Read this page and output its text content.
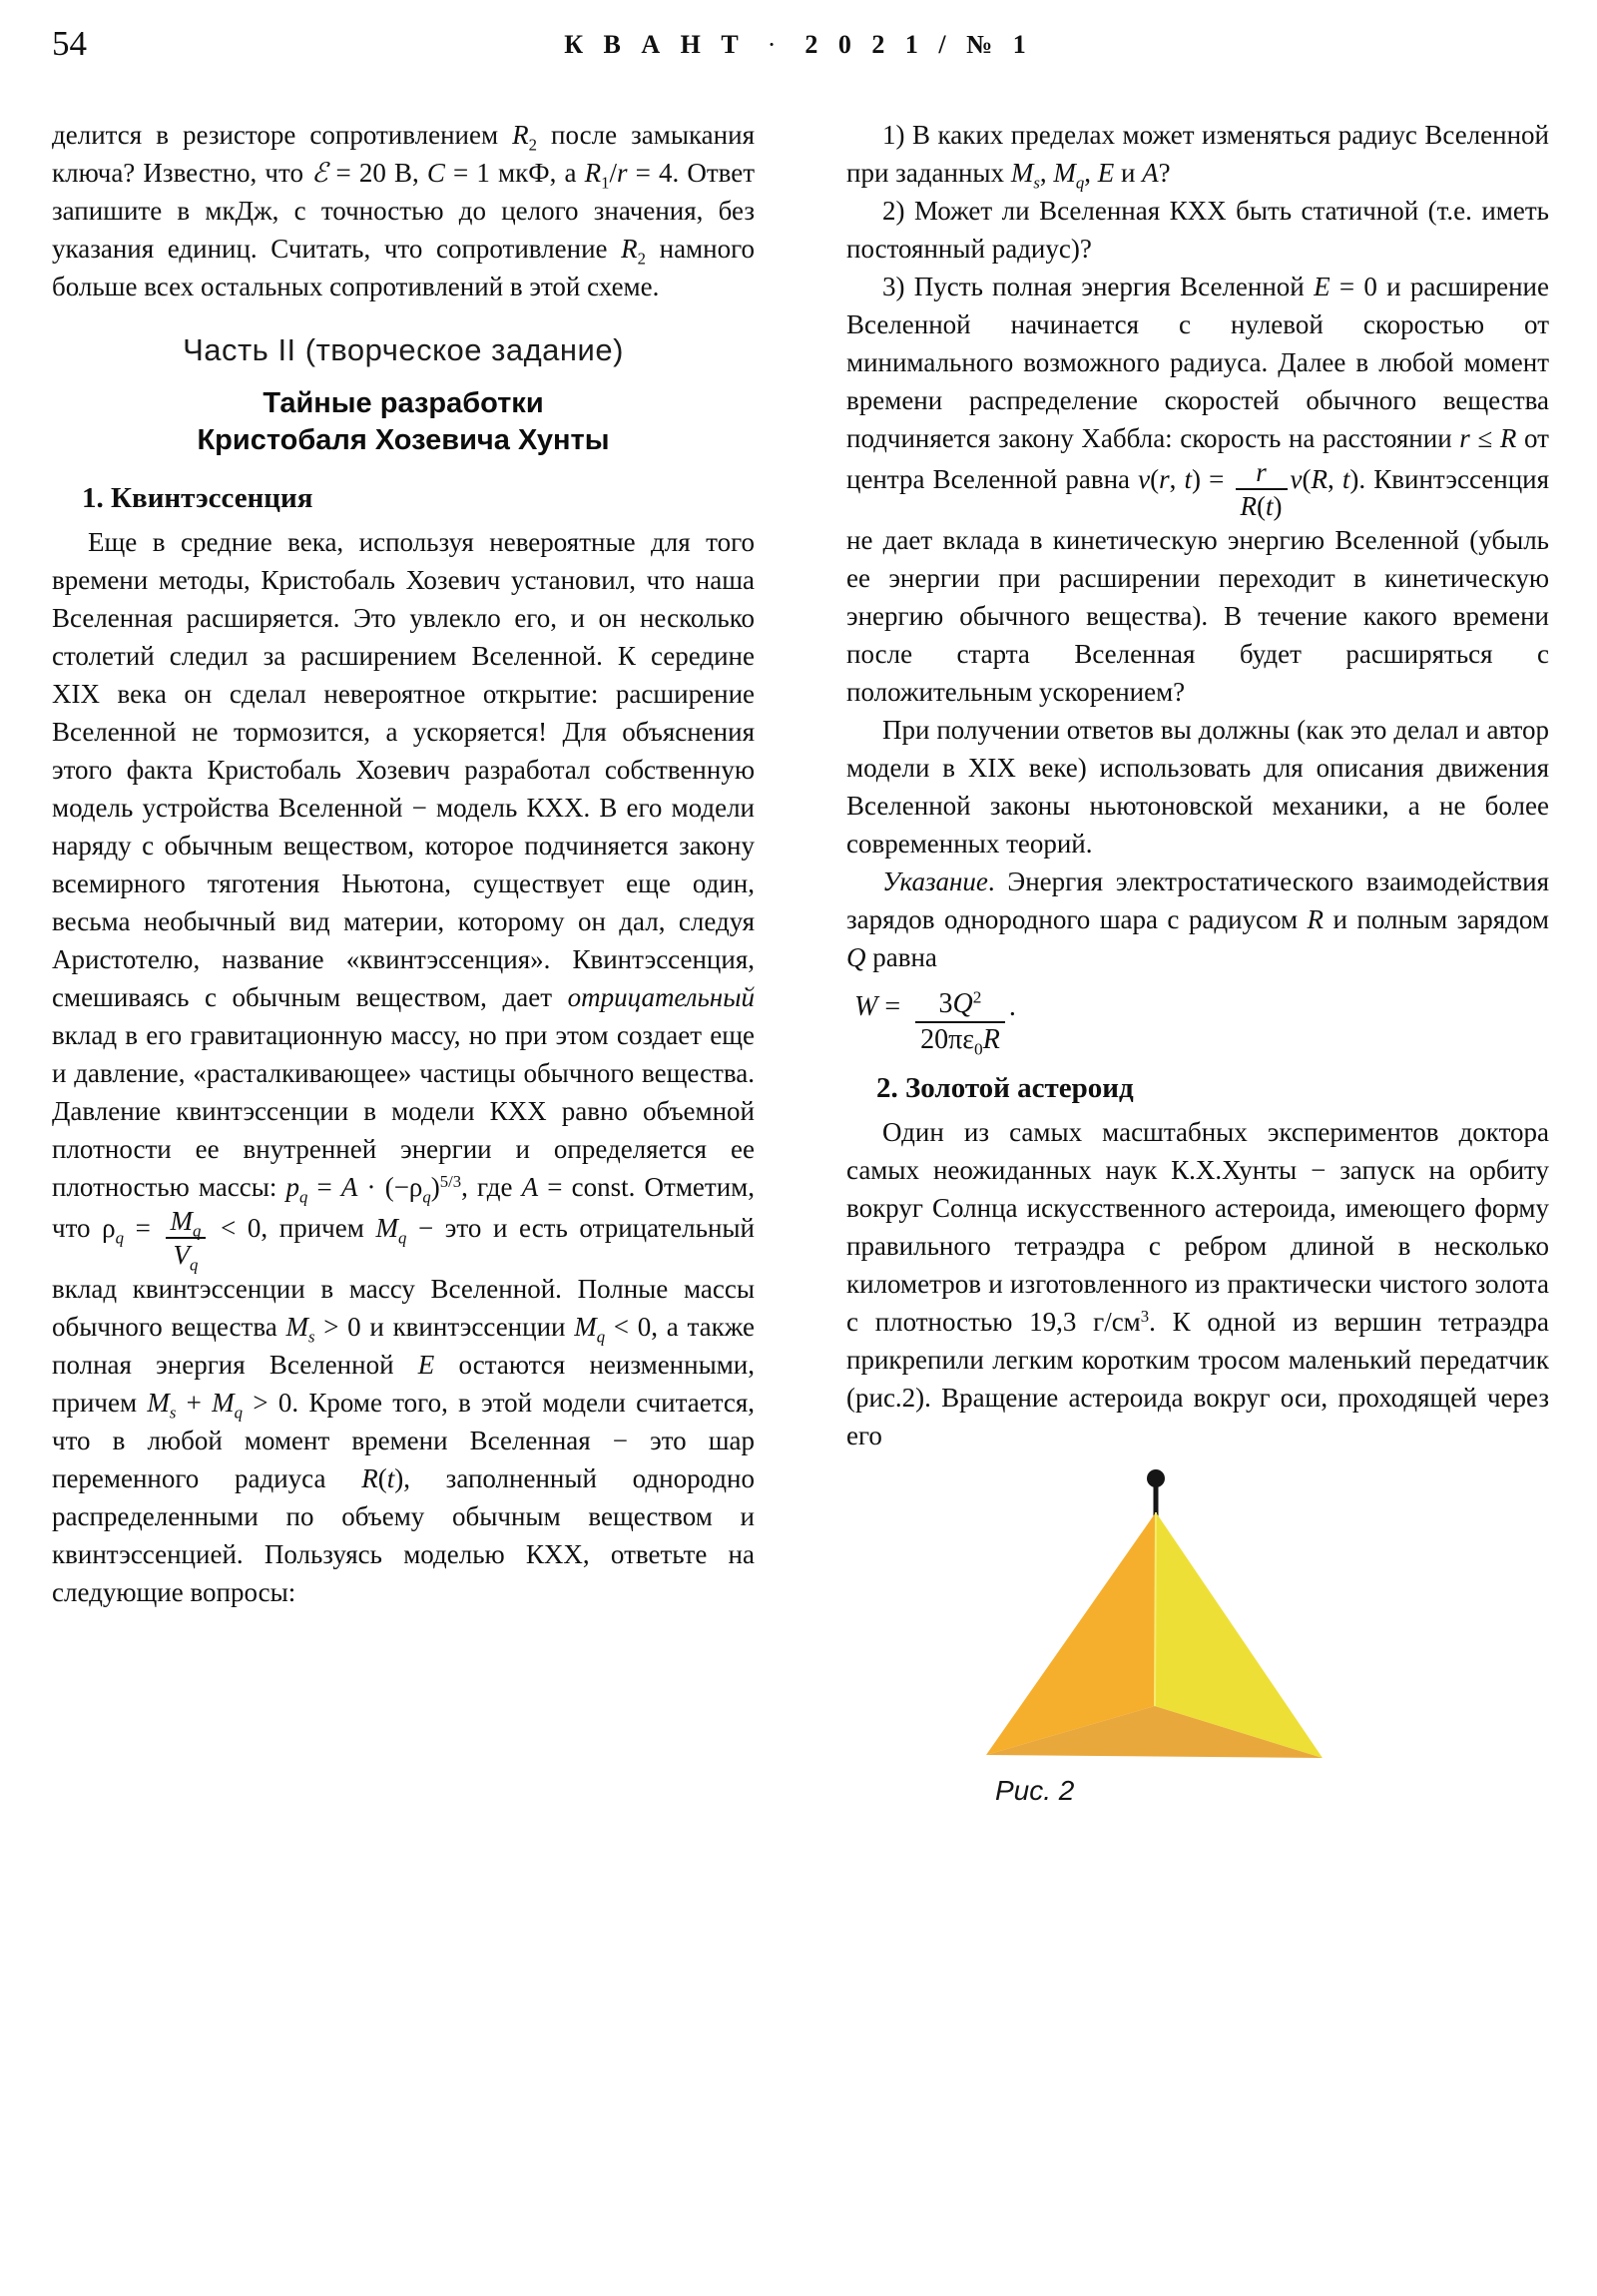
54	К В А Н Т · 2 0 2 1 / № 1

делится в резисторе сопротивлением $R_2$ после замыкания ключа? Известно, что ℰ = 20 В, C = 1 мкФ, а $R_1/r = 4$. Ответ запишите в мкДж, с точностью до целого значения, без указания единиц. Считать, что сопротивление $R_2$ намного больше всех остальных сопротивлений в этой схеме.

Часть II (творческое задание)
Тайные разработки
Кристобаля Хозевича Хунты
1. Квинтэссенция

Еще в средние века, используя невероятные для того времени методы, Кристобаль Хозевич установил, что наша Вселенная расширяется. Это увлекло его, и он несколько столетий следил за расширением Вселенной. К середине XIX века он сделал невероятное открытие: расширение Вселенной не тормозится, а ускоряется! Для объяснения этого факта Кристобаль Хозевич разработал собственную модель устройства Вселенной − модель КХХ. В его модели наряду с обычным веществом, которое подчиняется закону всемирного тяготения Ньютона, существует еще один, весьма необычный вид материи, которому он дал, следуя Аристотелю, название «квинтэссенция». Квинтэссенция, смешиваясь с обычным веществом, дает отрицательный вклад в его гравитационную массу, но при этом создает еще и давление, «расталкивающее» частицы обычного вещества. Давление квинтэссенции в модели КХХ равно объемной плотности ее внутренней энергии и определяется ее плотностью массы: $p_q = A \cdot (-\rho_q)^{5/3}$, где A = const. Отметим, что $\rho_q = \frac{M_q}{V_q} < 0$, причем $M_q$ − это и есть отрицательный вклад квинтэссенции в массу Вселенной. Полные массы обычного вещества $M_s > 0$ и квинтэссенции $M_q < 0$, а также полная энергия Вселенной E остаются неизменными, причем $M_s + M_q > 0$. Кроме того, в этой модели считается, что в любой момент времени Вселенная − это шар переменного радиуса R(t), заполненный однородно распределенными по объему обычным веществом и квинтэссенцией. Пользуясь моделью КХХ, ответьте на следующие вопросы:

1) В каких пределах может изменяться радиус Вселенной при заданных $M_s$, $M_q$, E и A?

2) Может ли Вселенная КХХ быть статичной (т.е. иметь постоянный радиус)?

3) Пусть полная энергия Вселенной E = 0 и расширение Вселенной начинается с нулевой скоростью от минимального возможного радиуса. Далее в любой момент времени распределение скоростей обычного вещества подчиняется закону Хаббла: скорость на расстоянии r ≤ R от центра Вселенной равна v(r, $t) = \frac{r}{R(t)} v(R$, t). Квинтэссенция не дает вклада в кинетическую энергию Вселенной (убыль ее энергии при расширении переходит в кинетическую энергию обычного вещества). В течение какого времени после старта Вселенная будет расширяться с положительным ускорением?

При получении ответов вы должны (как это делал и автор модели в XIX веке) использовать для описания движения Вселенной законы ньютоновской механики, а не более современных теорий.

Указание. Энергия электростатического взаимодействия зарядов однородного шара с радиусом R и полным зарядом Q равна

$W = \frac{3Q^2}{20\pi\varepsilon_0R}$ .
2. Золотой астероид

Один из самых масштабных экспериментов доктора самых неожиданных наук К.Х.Хунты − запуск на орбиту вокруг Солнца искусственного астероида, имеющего форму правильного тетраэдра с ребром длиной в несколько километров и изготовленного из практически чистого золота с плотностью 19,3 $г/см^3$. К одной из вершин тетраэдра прикрепили легким коротким тросом маленький передатчик (рис.2). Вращение астероида вокруг оси, проходящей через его

Рис. 2
